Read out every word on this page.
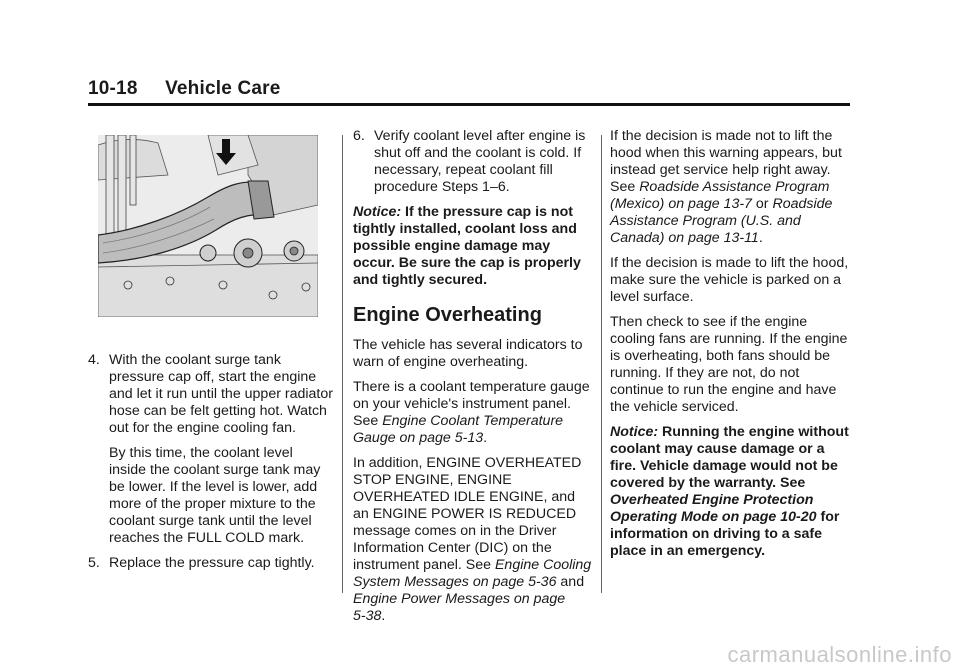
10-18 Vehicle Care
4. With the coolant surge tank pressure cap off, start the engine and let it run until the upper radiator hose can be felt getting hot. Watch out for the engine cooling fan.

By this time, the coolant level inside the coolant surge tank may be lower. If the level is lower, add more of the proper mixture to the coolant surge tank until the level reaches the FULL COLD mark.

5. Replace the pressure cap tightly.
6. Verify coolant level after engine is shut off and the coolant is cold. If necessary, repeat coolant fill procedure Steps 1–6.

Notice: If the pressure cap is not tightly installed, coolant loss and possible engine damage may occur. Be sure the cap is properly and tightly secured.

Engine Overheating

The vehicle has several indicators to warn of engine overheating.

There is a coolant temperature gauge on your vehicle's instrument panel. See Engine Coolant Temperature Gauge on page 5‑13.

In addition, ENGINE OVERHEATED STOP ENGINE, ENGINE OVERHEATED IDLE ENGINE, and an ENGINE POWER IS REDUCED message comes on in the Driver Information Center (DIC) on the instrument panel. See Engine Cooling System Messages on page 5‑36 and Engine Power Messages on page 5‑38.

If the decision is made not to lift the hood when this warning appears, but instead get service help right away. See Roadside Assistance Program (Mexico) on page 13‑7 or Roadside Assistance Program (U.S. and Canada) on page 13‑11.

If the decision is made to lift the hood, make sure the vehicle is parked on a level surface.

Then check to see if the engine cooling fans are running. If the engine is overheating, both fans should be running. If they are not, do not continue to run the engine and have the vehicle serviced.

Notice: Running the engine without coolant may cause damage or a fire. Vehicle damage would not be covered by the warranty. See Overheated Engine Protection Operating Mode on page 10‑20 for information on driving to a safe place in an emergency.

carmanualsonline.info
